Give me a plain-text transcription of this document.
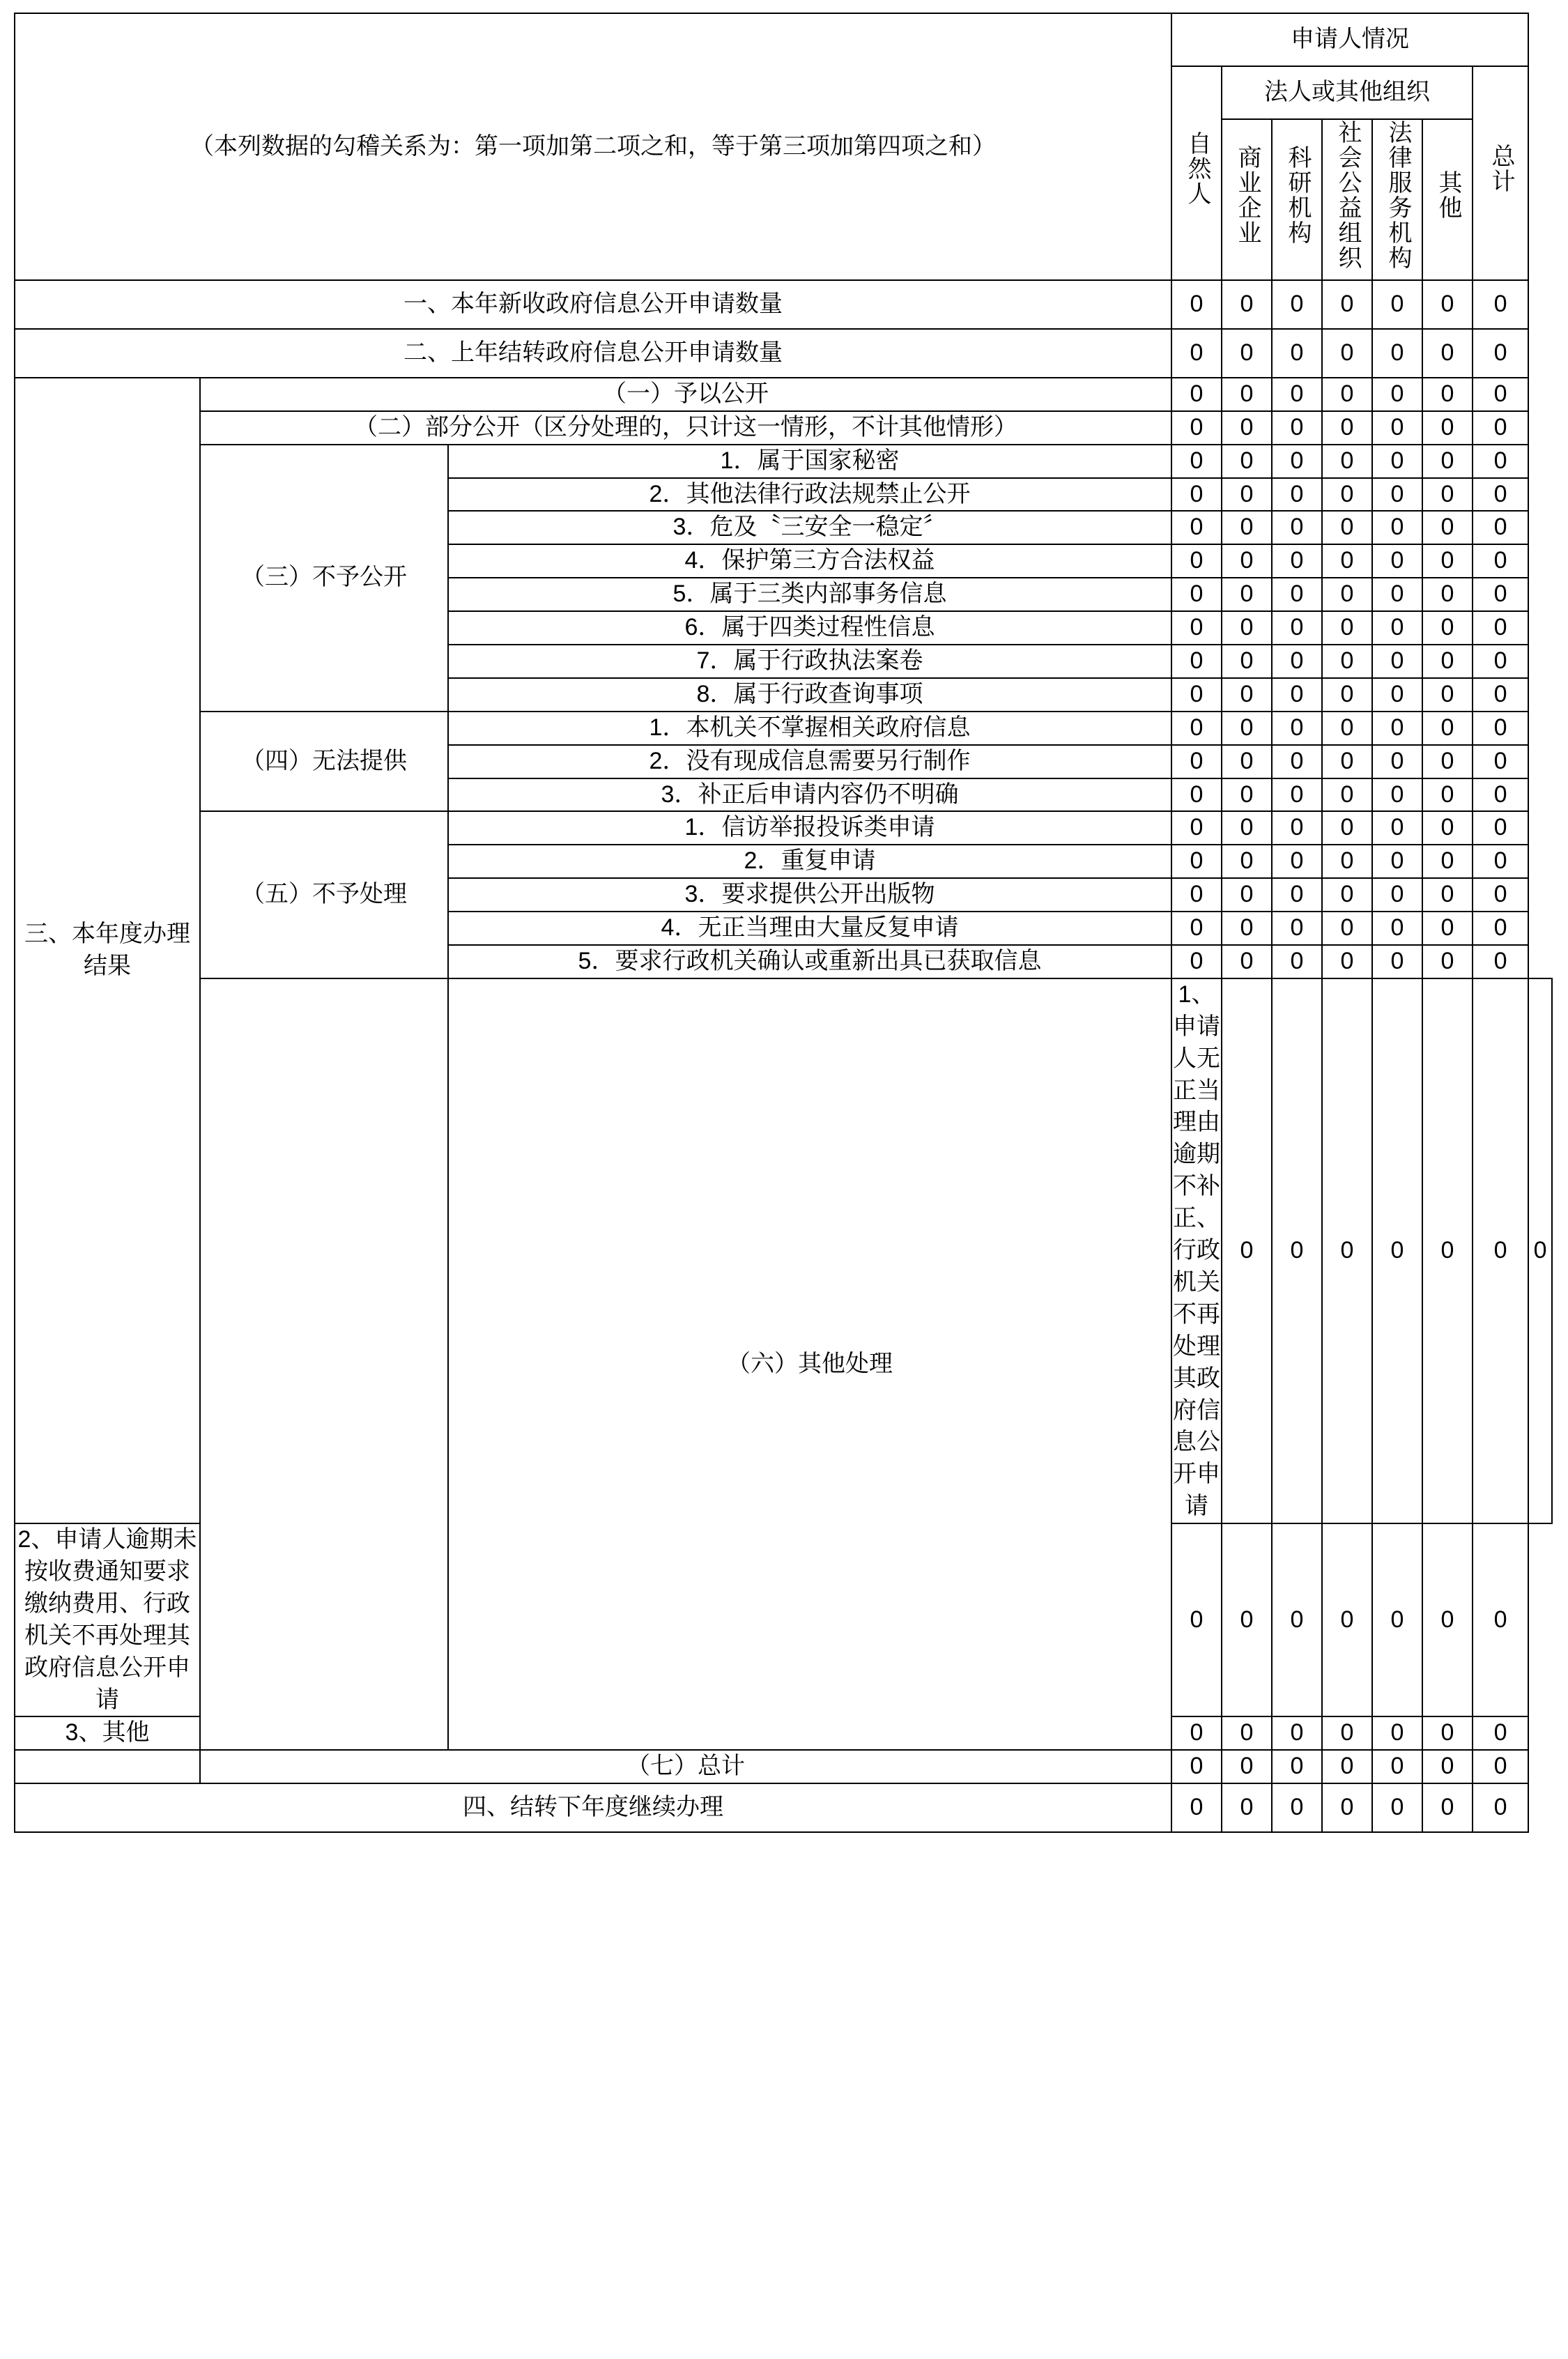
（本列数据的勾稽关系为：第一项加第二项之和，等于第三项加第四项之和）			申请人情况							
			自然人	法人或其他组织					总计	
				商业企业	科研机构	社会公益组织	法律服务机构	其他		
一、本年新收政府信息公开申请数量			0	0	0	0	0	0	0	
二、上年结转政府信息公开申请数量			0	0	0	0	0	0	0	
三、本年度办理结果	（一）予以公开		0	0	0	0	0	0	0	
	（二）部分公开（区分处理的，只计这一情形，不计其他情形）		0	0	0	0	0	0	0	
	（三）不予公开	1．属于国家秘密	0	0	0	0	0	0	0	
		2．其他法律行政法规禁止公开	0	0	0	0	0	0	0	
		3．危及〝三安全一稳定〞	0	0	0	0	0	0	0	
		4．保护第三方合法权益	0	0	0	0	0	0	0	
		5．属于三类内部事务信息	0	0	0	0	0	0	0	
		6．属于四类过程性信息	0	0	0	0	0	0	0	
		7．属于行政执法案卷	0	0	0	0	0	0	0	
		8．属于行政查询事项	0	0	0	0	0	0	0	
	（四）无法提供	1．本机关不掌握相关政府信息	0	0	0	0	0	0	0	
		2．没有现成信息需要另行制作	0	0	0	0	0	0	0	
		3．补正后申请内容仍不明确	0	0	0	0	0	0	0	
	（五）不予处理	1．信访举报投诉类申请	0	0	0	0	0	0	0	
		2．重复申请	0	0	0	0	0	0	0	
		3．要求提供公开出版物	0	0	0	0	0	0	0	
		4．无正当理由大量反复申请	0	0	0	0	0	0	0	
		5．要求行政机关确认或重新出具已获取信息	0	0	0	0	0	0	0	
		（六）其他处理	1、申请人无正当理由逾期不补正、行政机关不再处理其政府信息公开申请	0	0	0	0	0	0	0
2、申请人逾期未按收费通知要求缴纳费用、行政机关不再处理其政府信息公开申请			0	0	0	0	0	0	0	
3、其他			0	0	0	0	0	0	0	
	（七）总计		0	0	0	0	0	0	0	
四、结转下年度继续办理			0	0	0	0	0	0	0	
